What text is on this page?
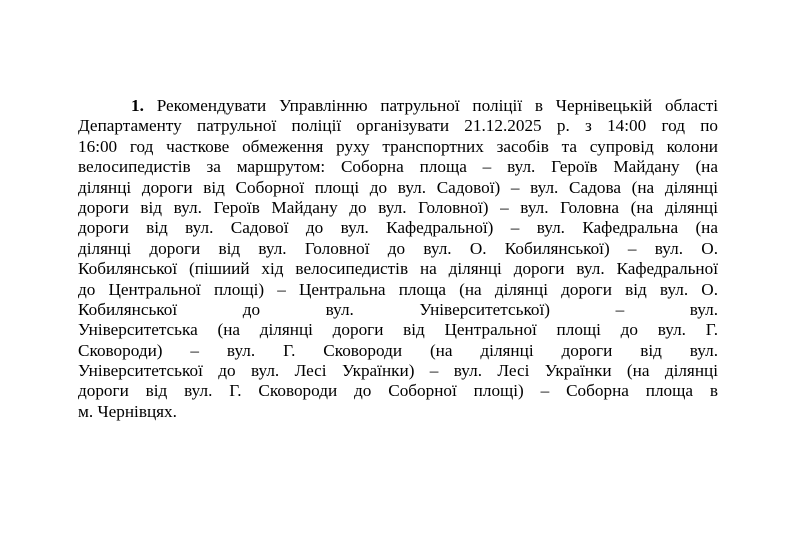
1. Рекомендувати Управлінню патрульної поліції в Чернівецькій області
Департаменту патрульної поліції організувати 21.12.2025 р. з 14:00 год по
16:00 год часткове обмеження руху транспортних засобів та супровід колони
велосипедистів за маршрутом: Соборна площа – вул. Героїв Майдану (на
ділянці дороги від Соборної площі до вул. Садової) – вул. Садова (на ділянці
дороги від вул. Героїв Майдану до вул. Головної) – вул. Головна (на ділянці
дороги від вул. Садової до вул. Кафедральної) – вул. Кафедральна (на
ділянці дороги від вул. Головної до вул. О. Кобилянської) – вул. О.
Кобилянської (пішиий хід велосипедистів на ділянці дороги вул. Кафедральної
до Центральної площі) – Центральна площа (на ділянці дороги від вул. О.
Кобилянської до вул. Університетської) – вул.
Університетська (на ділянці дороги від Центральної площі до вул. Г.
Сковороди) – вул. Г. Сковороди (на ділянці дороги від вул.
Університетської до вул. Лесі Українки) – вул. Лесі Українки (на ділянці
дороги від вул. Г. Сковороди до Соборної площі) – Соборна площа в
м. Чернівцях.
